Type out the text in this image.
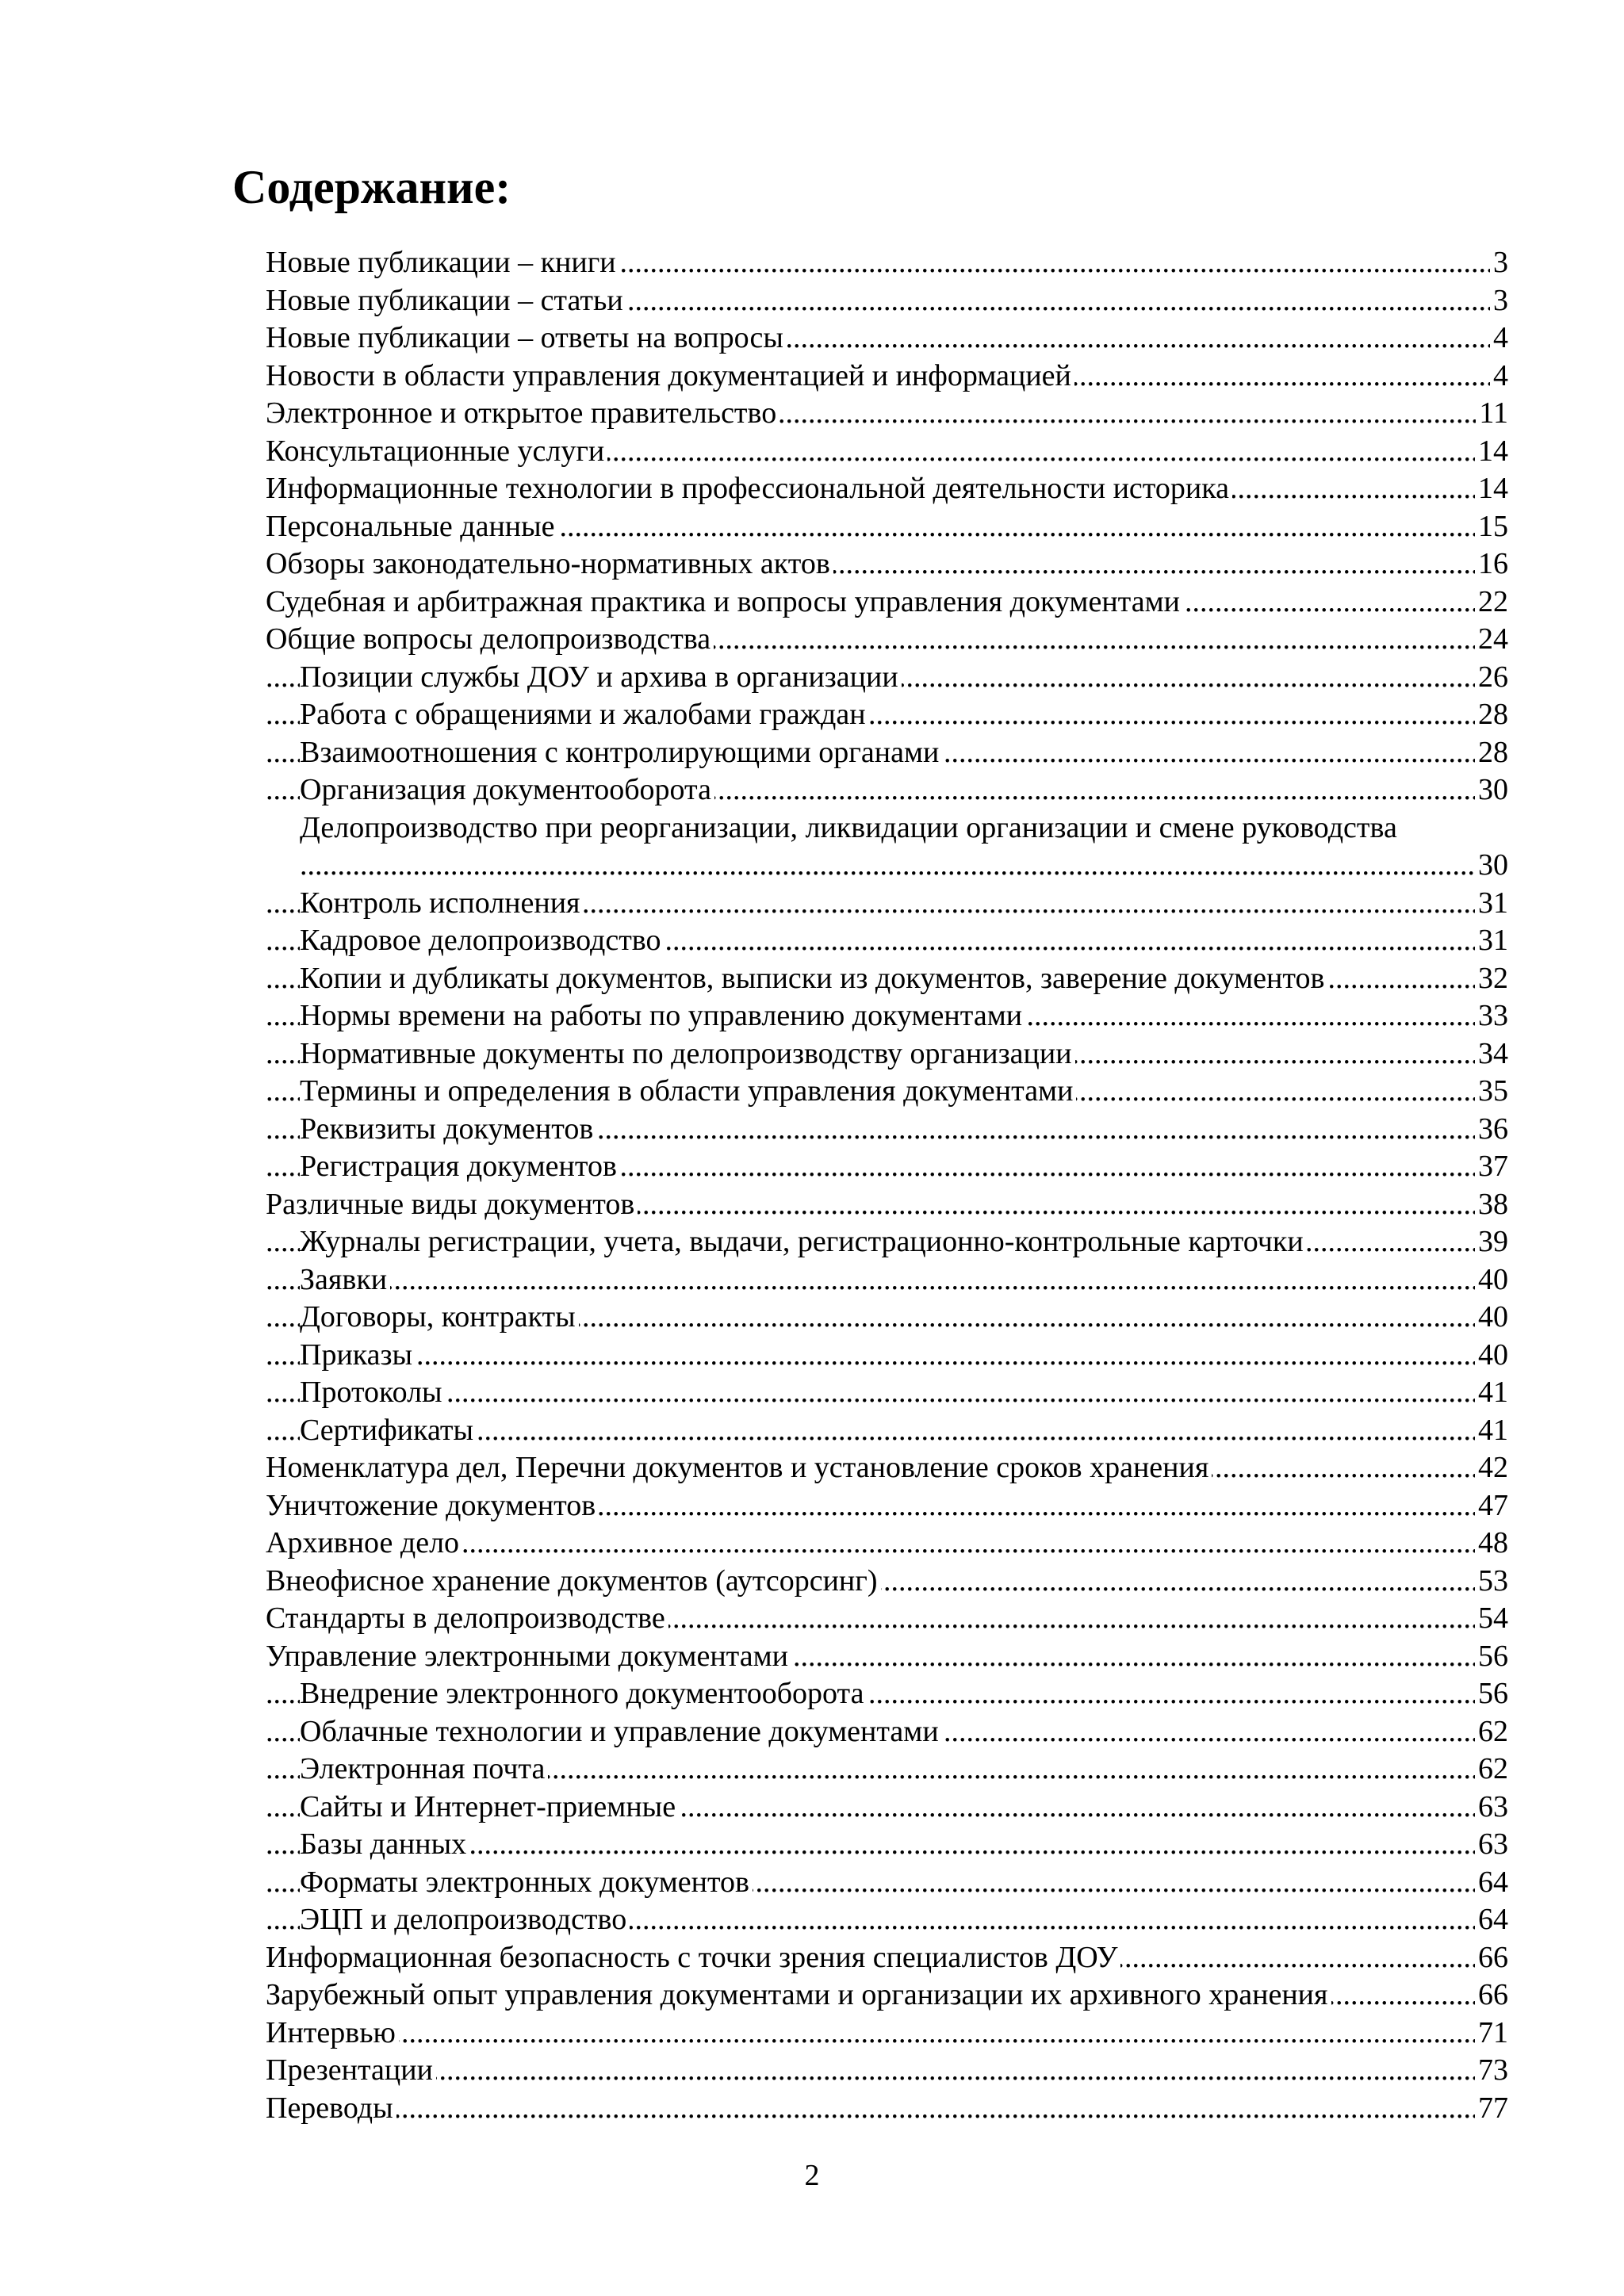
Содержание:
Новые публикации – книги	3
.....
Новые публикации – статьи	3
.....
Новые публикации – ответы на вопросы	4
.....
Новости в области управления документацией и информацией	4
.....
Электронное и открытое правительство	11
.....
Консультационные услуги	14
.....
Информационные технологии в профессиональной деятельности историка	14
.....
Персональные данные	15
.....
Обзоры законодательно-нормативных актов	16
.....
Судебная и арбитражная практика и вопросы управления документами	22
.....
Общие вопросы делопроизводства	24
.....
Позиции службы ДОУ и архива в организации	26
.....
Работа с обращениями и жалобами граждан	28
.....
Взаимоотношения с контролирующими органами	28
.....
Организация документооборота	30
.....
Делопроизводство при реорганизации, ликвидации организации и смене руководства
30
.....
Контроль исполнения	31
.....
Кадровое делопроизводство	31
.....
Копии и дубликаты документов, выписки из документов, заверение документов	32
.....
Нормы времени на работы по управлению документами	33
.....
Нормативные документы по делопроизводству организации	34
.....
Термины и определения в области управления документами	35
.....
Реквизиты документов	36
.....
Регистрация документов	37
.....
Различные виды документов	38
.....
Журналы регистрации, учета, выдачи, регистрационно-контрольные карточки	39
.....
Заявки	40
.....
Договоры, контракты	40
.....
Приказы	40
.....
Протоколы	41
.....
Сертификаты	41
.....
Номенклатура дел, Перечни документов и установление сроков хранения	42
.....
Уничтожение документов	47
.....
Архивное дело	48
.....
Внеофисное хранение документов (аутсорсинг)	53
.....
Стандарты в делопроизводстве	54
.....
Управление электронными документами	56
.....
Внедрение электронного документооборота	56
.....
Облачные технологии и управление документами	62
.....
Электронная почта	62
.....
Сайты и Интернет-приемные	63
.....
Базы данных	63
.....
Форматы электронных документов	64
.....
ЭЦП и делопроизводство	64
.....
Информационная безопасность с точки зрения специалистов ДОУ	66
.....
Зарубежный опыт управления документами и организации их архивного хранения	66
.....
Интервью	71
.....
Презентации	73
.....
Переводы	77
.....
2
